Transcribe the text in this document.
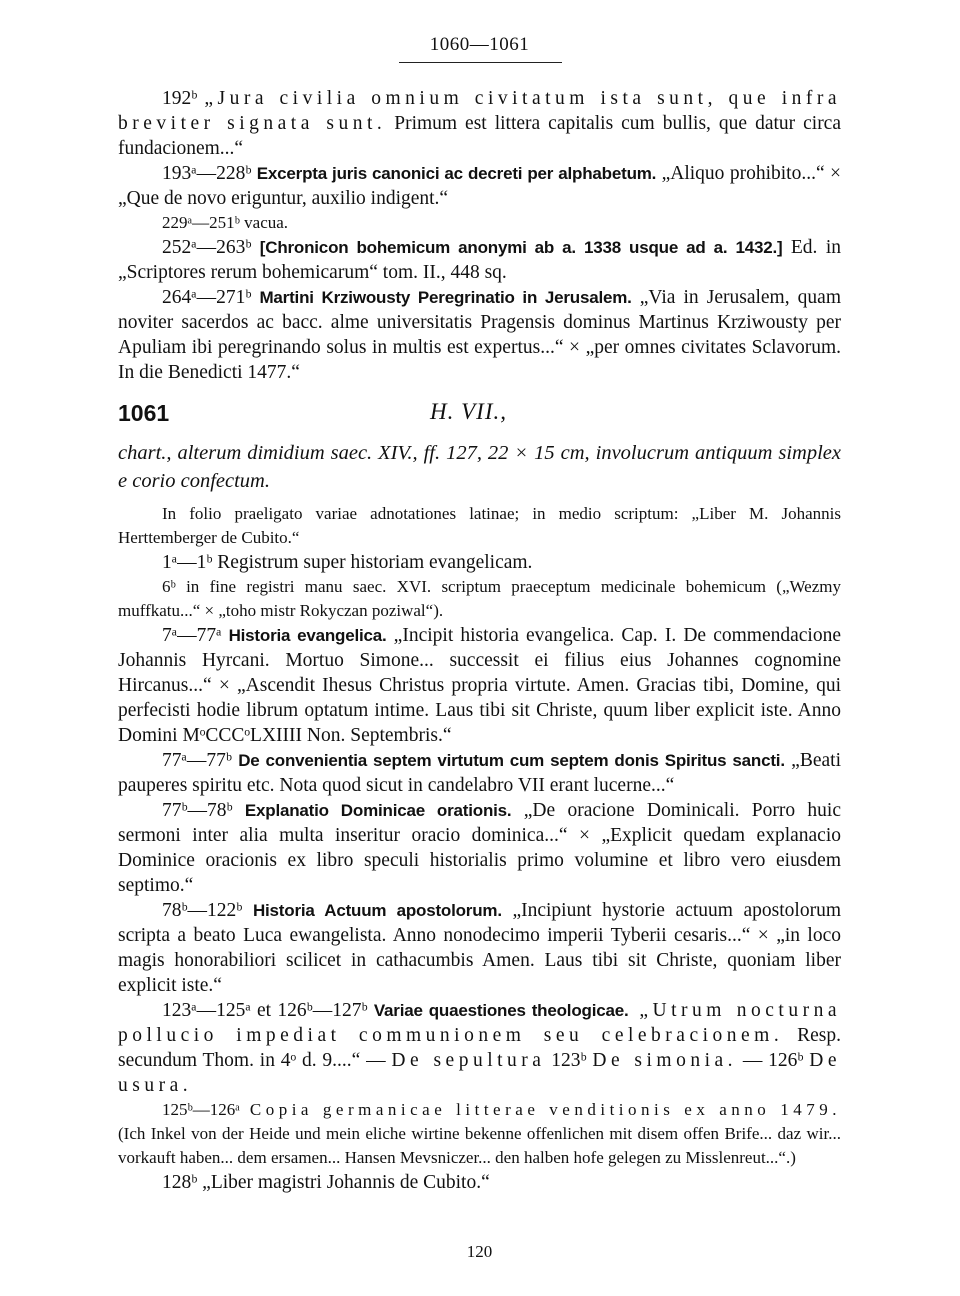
1060—1061

192ᵇ „Jura civilia omnium civitatum ista sunt, que infra breviter signata sunt. Primum est littera capitalis cum bullis, que datur circa fundacionem...“

193ᵃ—228ᵇ Excerpta juris canonici ac decreti per alphabetum. „Aliquo prohibito...“ × „Que de novo eriguntur, auxilio indigent.“

229ᵃ—251ᵇ vacua.

252ᵃ—263ᵇ [Chronicon bohemicum anonymi ab a. 1338 usque ad a. 1432.] Ed. in „Scriptores rerum bohemicarum“ tom. II., 448 sq.

264ᵃ—271ᵇ Martini Krziwousty Peregrinatio in Jerusalem. „Via in Jerusalem, quam noviter sacerdos ac bacc. alme universitatis Pragensis dominus Martinus Krziwousty per Apuliam ibi peregrinando solus in multis est expertus...“ × „per omnes civitates Sclavorum. In die Benedicti 1477.“

1061	H. VII.,

chart., alterum dimidium saec. XIV., ff. 127, 22 × 15 cm, involucrum antiquum simplex e corio confectum.

In folio praeligato variae adnotationes latinae; in medio scriptum: „Liber M. Johannis Herttemberger de Cubito.“

1ᵃ—1ᵇ Registrum super historiam evangelicam.

6ᵇ in fine registri manu saec. XVI. scriptum praeceptum medicinale bohemicum („Wezmy muffkatu...“ × „toho mistr Rokyczan poziwal“).

7ᵃ—77ᵃ Historia evangelica. „Incipit historia evangelica. Cap. I. De commendacione Johannis Hyrcani. Mortuo Simone... successit ei filius eius Johannes cognomine Hircanus...“ × „Ascendit Ihesus Christus propria virtute. Amen. Gracias tibi, Domine, qui perfecisti hodie librum optatum intime. Laus tibi sit Christe, quum liber explicit iste. Anno Domini MᵒCCCᵒLXIIII Non. Septembris.“

77ᵃ—77ᵇ De convenientia septem virtutum cum septem donis Spiritus sancti. „Beati pauperes spiritu etc. Nota quod sicut in candelabro VII erant lucerne...“

77ᵇ—78ᵇ Explanatio Dominicae orationis. „De oracione Dominicali. Porro huic sermoni inter alia multa inseritur oracio dominica...“ × „Explicit quedam explanacio Dominice oracionis ex libro speculi historialis primo volumine et libro vero eiusdem septimo.“

78ᵇ—122ᵇ Historia Actuum apostolorum. „Incipiunt hystorie actuum apostolorum scripta a beato Luca ewangelista. Anno nonodecimo imperii Tyberii cesaris...“ × „in loco magis honorabiliori scilicet in cathacumbis Amen. Laus tibi sit Christe, quoniam liber explicit iste.“

123ᵃ—125ᵃ et 126ᵇ—127ᵇ Variae quaestiones theologicae. „Utrum nocturna pollucio impediat communionem seu celebracionem. Resp. secundum Thom. in 4ᵒ d. 9....“ — De sepultura 123ᵇ De simonia. — 126ᵇ De usura.

125ᵇ—126ᵃ Copia germanicae litterae venditionis ex anno 1479. (Ich Inkel von der Heide und mein eliche wirtine bekenne offenlichen mit disem offen Brife... daz wir... vorkauft haben... dem ersamen... Hansen Mevsniczer... den halben hofe gelegen zu Misslenreut...“.)

128ᵇ „Liber magistri Johannis de Cubito.“

120
